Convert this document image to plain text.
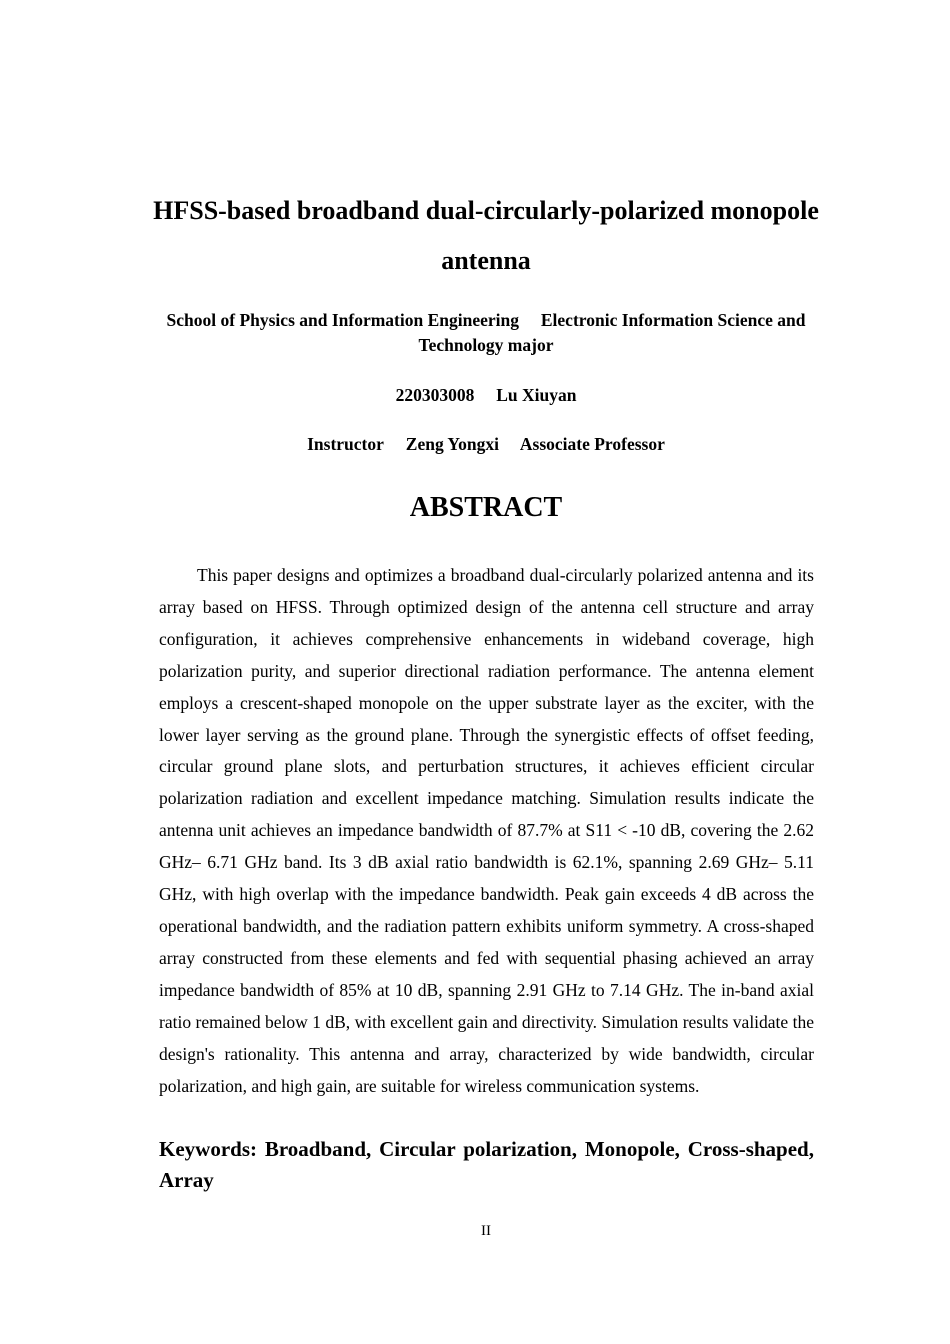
HFSS-based broadband dual-circularly-polarized monopole antenna
School of Physics and Information Engineering  Electronic Information Science and Technology major
220303008  Lu Xiuyan
Instructor  Zeng Yongxi  Associate Professor
ABSTRACT
This paper designs and optimizes a broadband dual-circularly polarized antenna and its array based on HFSS. Through optimized design of the antenna cell structure and array configuration, it achieves comprehensive enhancements in wideband coverage, high polarization purity, and superior directional radiation performance. The antenna element employs a crescent-shaped monopole on the upper substrate layer as the exciter, with the lower layer serving as the ground plane. Through the synergistic effects of offset feeding, circular ground plane slots, and perturbation structures, it achieves efficient circular polarization radiation and excellent impedance matching. Simulation results indicate the antenna unit achieves an impedance bandwidth of 87.7% at S11 < -10 dB, covering the 2.62 GHz– 6.71 GHz band. Its 3 dB axial ratio bandwidth is 62.1%, spanning 2.69 GHz– 5.11 GHz, with high overlap with the impedance bandwidth. Peak gain exceeds 4 dB across the operational bandwidth, and the radiation pattern exhibits uniform symmetry. A cross-shaped array constructed from these elements and fed with sequential phasing achieved an array impedance bandwidth of 85% at 10 dB, spanning 2.91 GHz to 7.14 GHz. The in-band axial ratio remained below 1 dB, with excellent gain and directivity. Simulation results validate the design's rationality. This antenna and array, characterized by wide bandwidth, circular polarization, and high gain, are suitable for wireless communication systems.
Keywords: Broadband, Circular polarization, Monopole, Cross-shaped, Array
II
